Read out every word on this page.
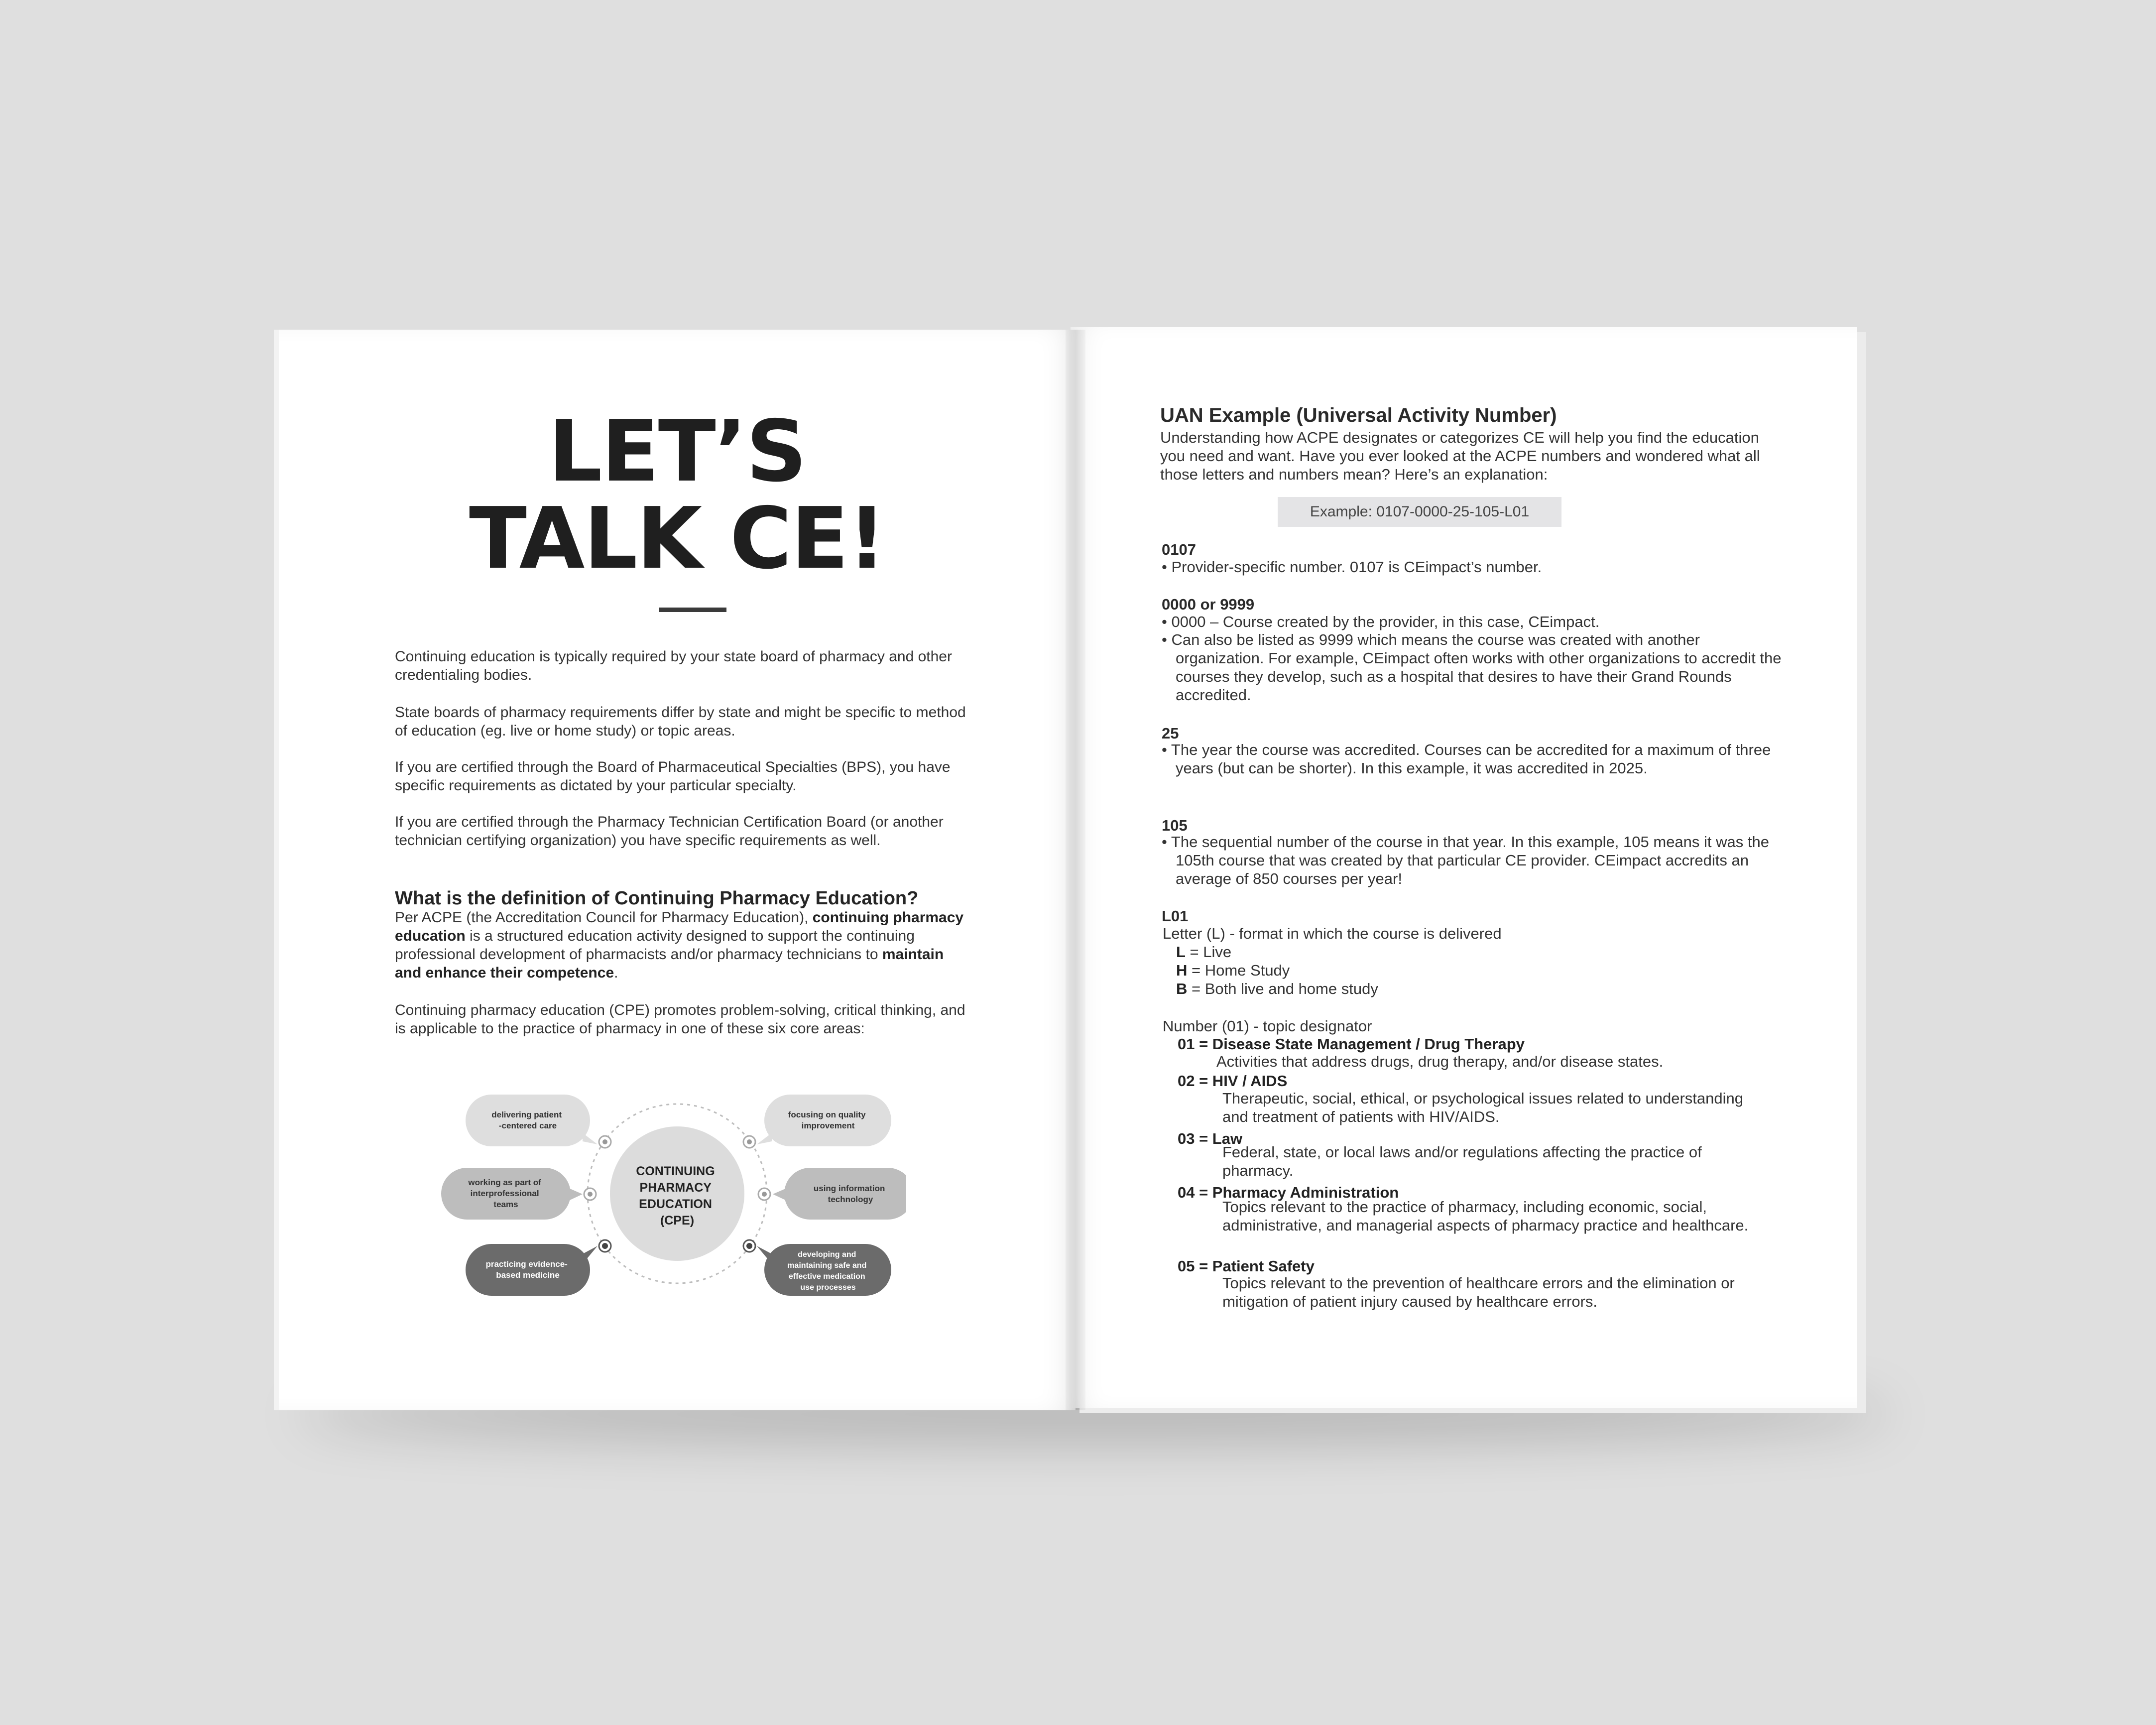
LET’S
TALK CE!

Continuing education is typically required by your state board of pharmacy and other credentialing bodies.

State boards of pharmacy requirements differ by state and might be specific to method of education (eg. live or home study) or topic areas.

If you are certified through the Board of Pharmaceutical Specialties (BPS), you have specific requirements as dictated by your particular specialty.

If you are certified through the Pharmacy Technician Certification Board (or another technician certifying organization) you have specific requirements as well.

What is the definition of Continuing Pharmacy Education?

Per ACPE (the Accreditation Council for Pharmacy Education), continuing pharmacy education is a structured education activity designed to support the continuing professional development of pharmacists and/or pharmacy technicians to maintain and enhance their competence.

Continuing pharmacy education (CPE) promotes problem-solving, critical thinking, and is applicable to the practice of pharmacy in one of these six core areas:

CONTINUING PHARMACY EDUCATION (CPE)
delivering patient -centered care
working as part of interprofessional teams
practicing evidence- based medicine
focusing on quality improvement
using information technology
developing and maintaining safe and effective medication use processes

UAN Example (Universal Activity Number)

Understanding how ACPE designates or categorizes CE will help you find the education you need and want. Have you ever looked at the ACPE numbers and wondered what all those letters and numbers mean? Here’s an explanation:

Example: 0107-0000-25-105-L01

0107

• Provider-specific number. 0107 is CEimpact’s number.

0000 or 9999

• 0000 – Course created by the provider, in this case, CEimpact.

• Can also be listed as 9999 which means the course was created with another organization. For example, CEimpact often works with other organizations to accredit the courses they develop, such as a hospital that desires to have their Grand Rounds accredited.

25

• The year the course was accredited. Courses can be accredited for a maximum of three years (but can be shorter). In this example, it was accredited in 2025.

105

• The sequential number of the course in that year. In this example, 105 means it was the 105th course that was created by that particular CE provider. CEimpact accredits an average of 850 courses per year!

L01

Letter (L) - format in which the course is delivered

L = Live

H = Home Study

B = Both live and home study

Number (01) - topic designator

01 = Disease State Management / Drug Therapy

Activities that address drugs, drug therapy, and/or disease states.

02 = HIV / AIDS

Therapeutic, social, ethical, or psychological issues related to understanding and treatment of patients with HIV/AIDS.

03 = Law

Federal, state, or local laws and/or regulations affecting the practice of pharmacy.

04 = Pharmacy Administration

Topics relevant to the practice of pharmacy, including economic, social, administrative, and managerial aspects of pharmacy practice and healthcare.

05 = Patient Safety

Topics relevant to the prevention of healthcare errors and the elimination or mitigation of patient injury caused by healthcare errors.
